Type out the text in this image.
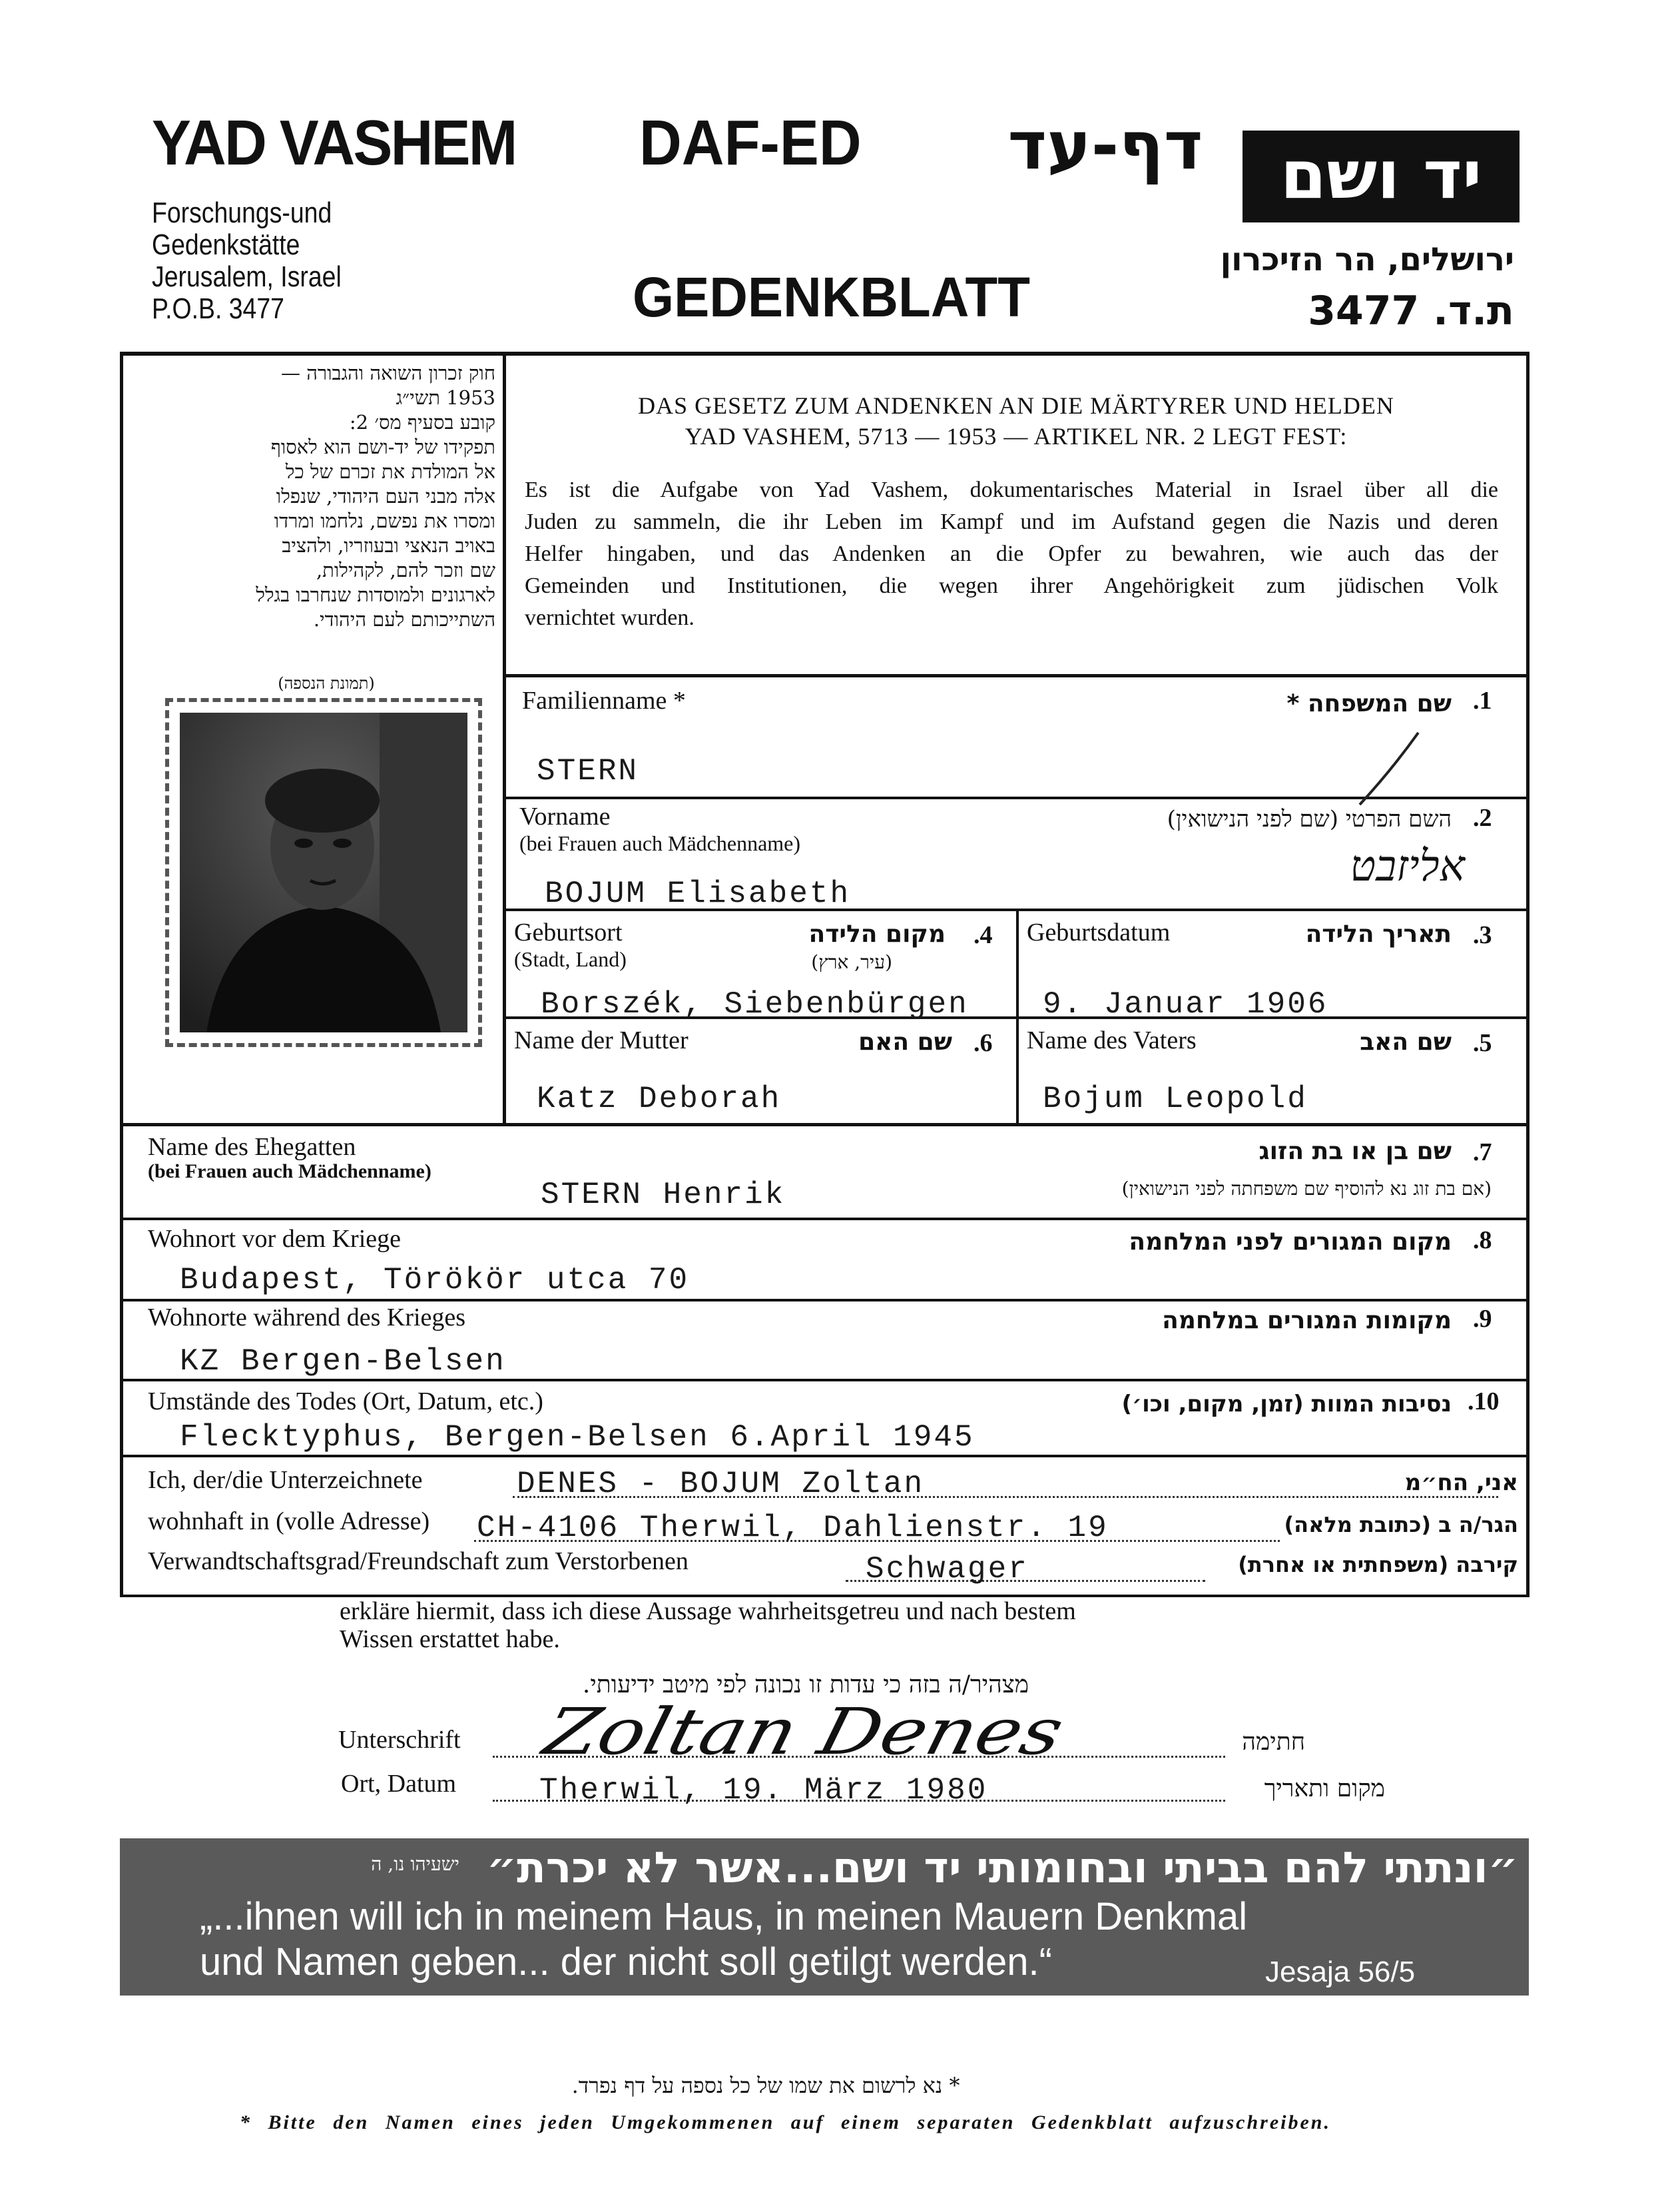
YAD VASHEM
Forschungs-und
Gedenkstätte
Jerusalem, Israel
P.O.B. 3477
DAF-ED
GEDENKBLATT
דף-עד	יד ושם
ירושלים, הר הזיכרון
ת.ד. 3477
חוק זכרון השואה והגבורה —
1953 תשי״ג
קובע בסעיף מס׳ 2:
תפקידו של יד-ושם הוא לאסוף
אל המולדת את זכרם של כל
אלה מבני העם היהודי, שנפלו
ומסרו את נפשם, נלחמו ומרדו
באויב הנאצי ובעוזריו, ולהציב
שם וזכר להם, לקהילות,
לארגונים ולמוסדות שנחרבו בגלל
השתייכותם לעם היהודי.
(תמונת הנספה)
DAS GESETZ ZUM ANDENKEN AN DIE MÄRTYRER UND HELDEN
YAD VASHEM, 5713 — 1953 — ARTIKEL NR. 2 LEGT FEST:
Es ist die Aufgabe von Yad Vashem, dokumentarisches Material in Israel über all die
Juden zu sammeln, die ihr Leben im Kampf und im Aufstand gegen die Nazis und deren
Helfer hingaben, und das Andenken an die Opfer zu bewahren, wie auch das der
Gemeinden und Institutionen, die wegen ihrer Angehörigkeit zum jüdischen Volk
vernichtet wurden.
Familienname *	שם המשפחה * .1
STERN
Vorname
(bei Frauen auch Mädchenname)
השם הפרטי (שם לפני הנישואין) .2
BOJUM Elisabeth
אליזבט
Geburtsort
(Stadt, Land)
מקום הלידה
(עיר, ארץ)
.4
Borszék, Siebenbürgen
Geburtsdatum	תאריך הלידה .3
9. Januar 1906
Name der Mutter	שם האם .6
Katz Deborah
Name des Vaters	שם האב .5
Bojum Leopold
Name des Ehegatten
(bei Frauen auch Mädchenname)
STERN Henrik
שם בן או בת הזוג
(אם בת זוג נא להוסיף שם משפחתה לפני הנישואין)
.7
Wohnort vor dem Kriege	מקום המגורים לפני המלחמה .8
Budapest, Törökör utca 70
Wohnorte während des Krieges	מקומות המגורים במלחמה .9
KZ Bergen-Belsen
Umstände des Todes (Ort, Datum, etc.)	נסיבות המוות (זמן, מקום, וכו׳) .10
Flecktyphus, Bergen-Belsen 6.April 1945
Ich, der/die Unterzeichnete	DENES - BOJUM Zoltan	אני, הח״מ
wohnhaft in (volle Adresse) CH-4106 Therwil, Dahlienstr. 19	הגר/ה ב (כתובת מלאה)
Verwandtschaftsgrad/Freundschaft zum Verstorbenen	Schwager	קירבה (משפחתית או אחרת)
erkläre hiermit, dass ich diese Aussage wahrheitsgetreu und nach bestem
Wissen erstattet habe.
מצהיר/ה בזה כי עדות זו נכונה לפי מיטב ידיעותי.
Unterschrift Zoltan Denes	חתימה
Ort, Datum	Therwil, 19. März 1980	מקום ותאריך
״ונתתי להם בביתי ובחומותי יד ושם...אשר לא יכרת״
ישעיהו נו, ה
„...ihnen will ich in meinem Haus, in meinen Mauern Denkmal
und Namen geben... der nicht soll getilgt werden.“	Jesaja 56/5
* נא לרשום את שמו של כל נספה על דף נפרד.
* Bitte den Namen eines jeden Umgekommenen auf einem separaten Gedenkblatt aufzuschreiben.
